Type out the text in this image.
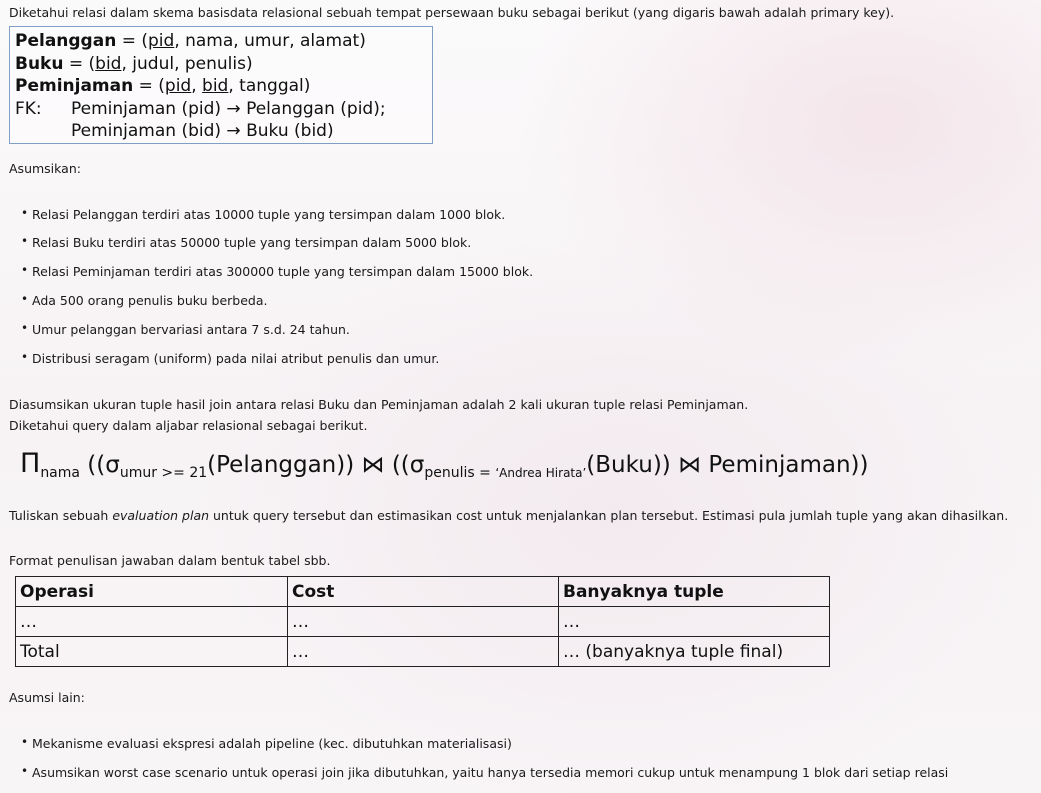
Diketahui relasi dalam skema basisdata relasional sebuah tempat persewaan buku sebagai berikut (yang digaris bawah adalah primary key).
Pelanggan = (pid, nama, umur, alamat)
Buku = (bid, judul, penulis)
Peminjaman = (pid, bid, tanggal)
FK: Peminjaman (pid) → Pelanggan (pid);
Peminjaman (bid) → Buku (bid)
Asumsikan:
• Relasi Pelanggan terdiri atas 10000 tuple yang tersimpan dalam 1000 blok.
• Relasi Buku terdiri atas 50000 tuple yang tersimpan dalam 5000 blok.
• Relasi Peminjaman terdiri atas 300000 tuple yang tersimpan dalam 15000 blok.
• Ada 500 orang penulis buku berbeda.
• Umur pelanggan bervariasi antara 7 s.d. 24 tahun.
• Distribusi seragam (uniform) pada nilai atribut penulis dan umur.
Diasumsikan ukuran tuple hasil join antara relasi Buku dan Peminjaman adalah 2 kali ukuran tuple relasi Peminjaman.
Diketahui query dalam aljabar relasional sebagai berikut.
$\Pi_{nama}$ ($(\sigma_{umur >= 21}(Pelanggan))$ ⋈ ($(\sigma_{penulis = ‘Andrea Hirata’}(Buku))$ ⋈ Peminjaman))
Tuliskan sebuah evaluation plan untuk query tersebut dan estimasikan cost untuk menjalankan plan tersebut. Estimasi pula jumlah tuple yang akan dihasilkan.
Format penulisan jawaban dalam bentuk tabel sbb.
Operasi	Cost	Banyaknya tuple
…	…	…
Total	…	… (banyaknya tuple final)
Asumsi lain:
• Mekanisme evaluasi ekspresi adalah pipeline (kec. dibutuhkan materialisasi)
• Asumsikan worst case scenario untuk operasi join jika dibutuhkan, yaitu hanya tersedia memori cukup untuk menampung 1 blok dari setiap relasi
